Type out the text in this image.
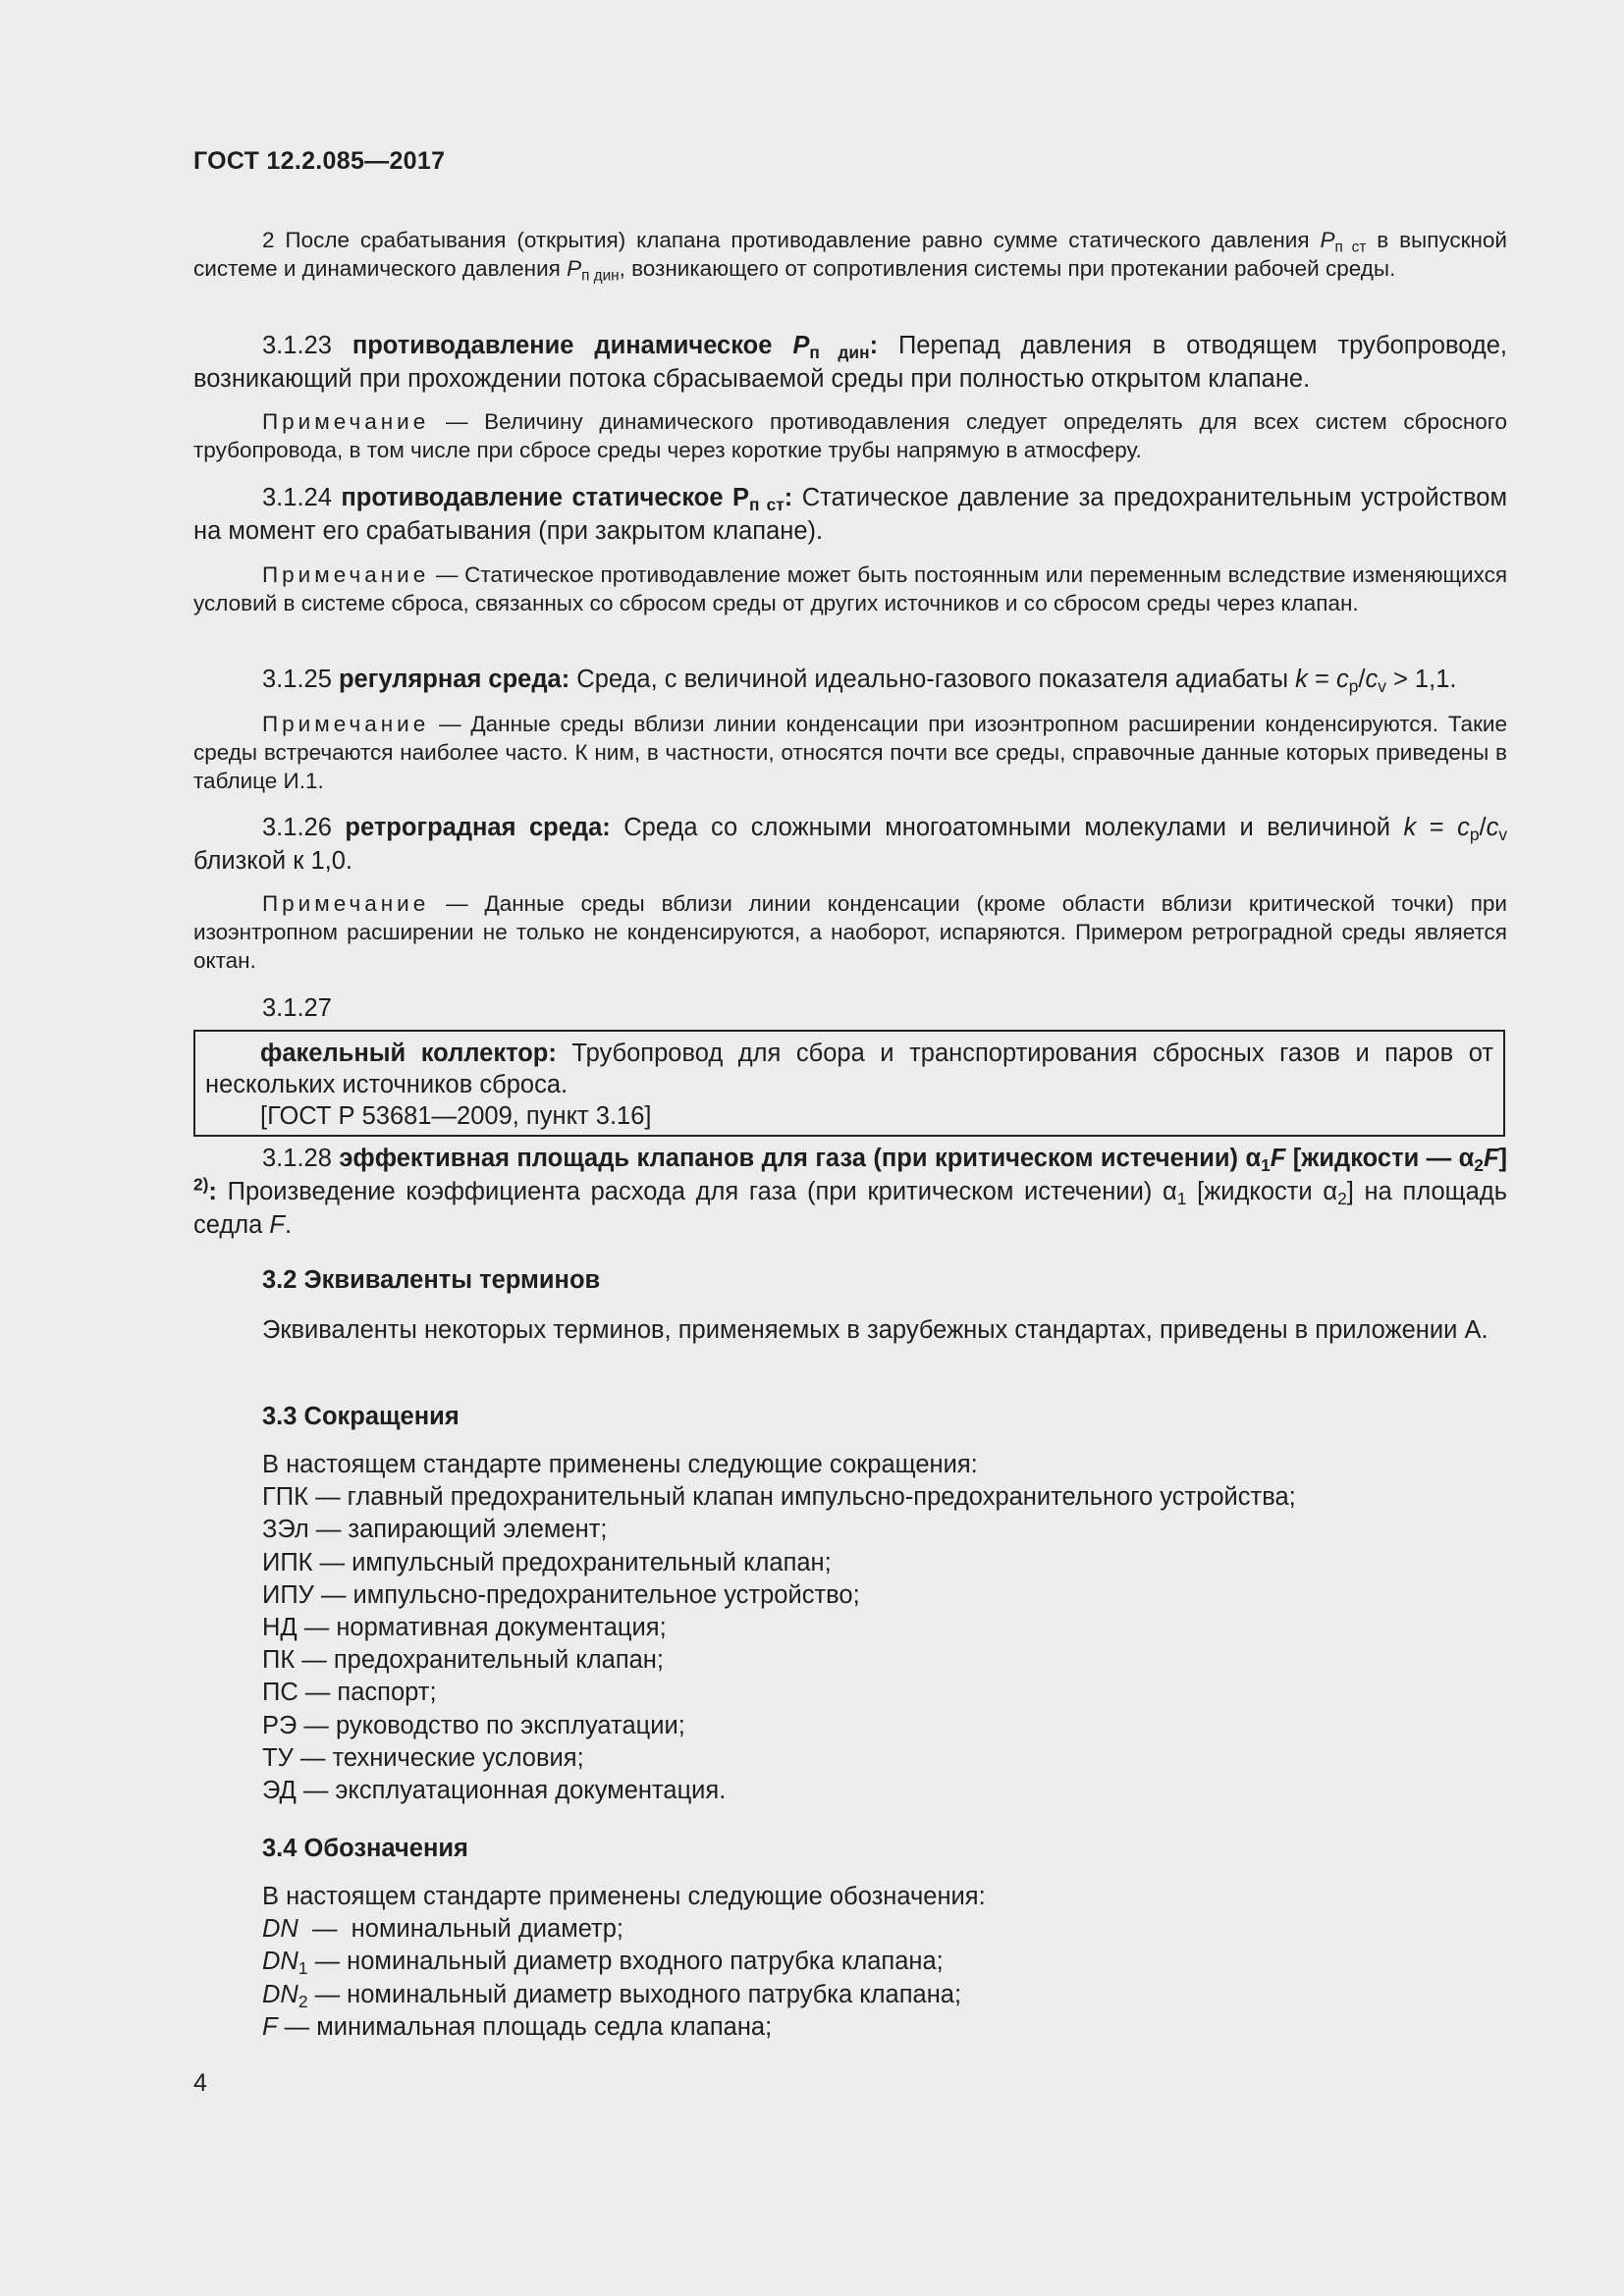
ГОСТ 12.2.085—2017

2 После срабатывания (открытия) клапана противодавление равно сумме статического давления $P_{п ст}$ в выпускной системе и динамического давления $P_{п дин}$, возникающего от сопротивления системы при протекании рабочей среды.

3.1.23 противодавление динамическое $P_{п дин}$: Перепад давления в отводящем трубопроводе, возникающий при прохождении потока сбрасываемой среды при полностью открытом клапане.

Примечание — Величину динамического противодавления следует определять для всех систем сбросного трубопровода, в том числе при сбросе среды через короткие трубы напрямую в атмосферу.

3.1.24 противодавление статическое $P_{п ст}$: Статическое давление за предохранительным устройством на момент его срабатывания (при закрытом клапане).

Примечание — Статическое противодавление может быть постоянным или переменным вследствие изменяющихся условий в системе сброса, связанных со сбросом среды от других источников и со сбросом среды через клапан.

3.1.25 регулярная среда: Среда, с величиной идеально-газового показателя адиабаты $k = c_p/c_v > 1,1$.

Примечание — Данные среды вблизи линии конденсации при изоэнтропном расширении конденсируются. Такие среды встречаются наиболее часто. К ним, в частности, относятся почти все среды, справочные данные которых приведены в таблице И.1.

3.1.26 ретроградная среда: Среда со сложными многоатомными молекулами и величиной $k = c_p/c_v$ близкой к 1,0.

Примечание — Данные среды вблизи линии конденсации (кроме области вблизи критической точки) при изоэнтропном расширении не только не конденсируются, а наоборот, испаряются. Примером ретроградной среды является октан.

3.1.27

факельный коллектор: Трубопровод для сбора и транспортирования сбросных газов и паров от нескольких источников сброса.

[ГОСТ Р 53681—2009, пункт 3.16]

3.1.28 эффективная площадь клапанов для газа (при критическом истечении) $\alpha_1F$ [жидкости — $\alpha_2F$] $^{2)}$: Произведение коэффициента расхода для газа (при критическом истечении) $\alpha_1$ [жидкости $\alpha_2$] на площадь седла F.

3.2 Эквиваленты терминов

Эквиваленты некоторых терминов, применяемых в зарубежных стандартах, приведены в приложении А.

3.3 Сокращения
В настоящем стандарте применены следующие сокращения:
ГПК — главный предохранительный клапан импульсно-предохранительного устройства;
ЗЭл — запирающий элемент;
ИПК — импульсный предохранительный клапан;
ИПУ — импульсно-предохранительное устройство;
НД — нормативная документация;
ПК — предохранительный клапан;
ПС — паспорт;
РЭ — руководство по эксплуатации;
ТУ — технические условия;
ЭД — эксплуатационная документация.
3.4 Обозначения
В настоящем стандарте применены следующие обозначения:
DN  —  номинальный диаметр;
$DN_1$ — номинальный диаметр входного патрубка клапана;
$DN_2$ — номинальный диаметр выходного патрубка клапана;
F — минимальная площадь седла клапана;
4
